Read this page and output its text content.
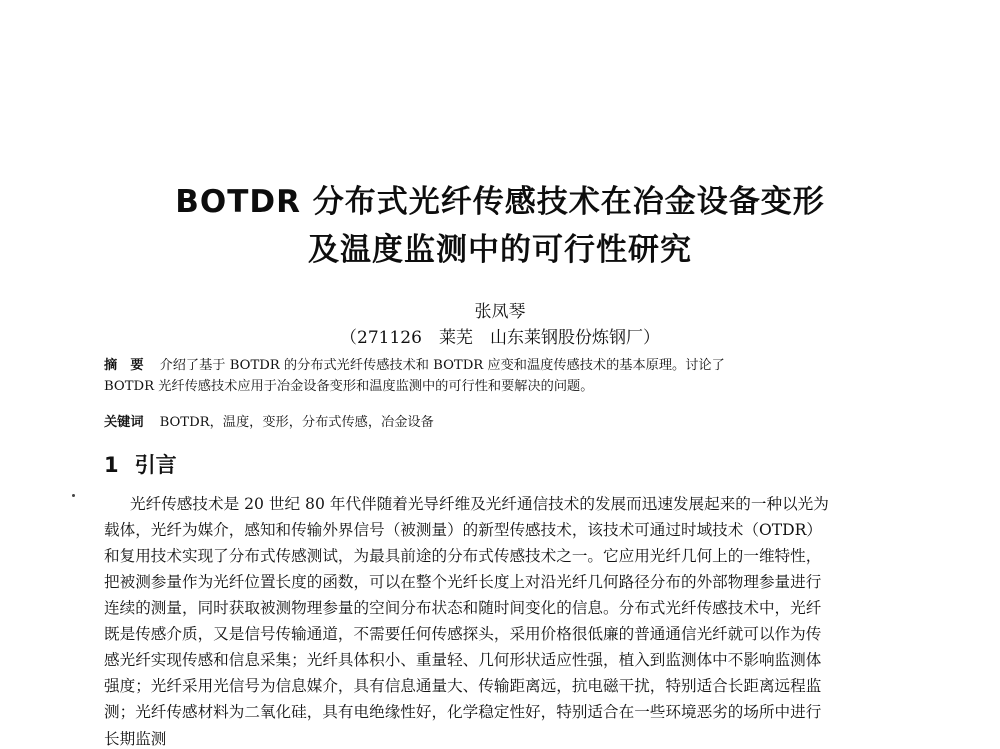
BOTDR 分布式光纤传感技术在冶金设备变形
及温度监测中的可行性研究
张凤琴
（271126　莱芜　山东莱钢股份炼钢厂）
摘　要 介绍了基于 BOTDR 的分布式光纤传感技术和 BOTDR 应变和温度传感技术的基本原理。讨论了
BOTDR 光纤传感技术应用于冶金设备变形和温度监测中的可行性和要解决的问题。
关键词 BOTDR，温度，变形，分布式传感，冶金设备
1 引言
光纤传感技术是 20 世纪 80 年代伴随着光导纤维及光纤通信技术的发展而迅速发展起来的一种以光为
载体，光纤为媒介，感知和传输外界信号（被测量）的新型传感技术，该技术可通过时域技术（OTDR）
和复用技术实现了分布式传感测试，为最具前途的分布式传感技术之一。它应用光纤几何上的一维特性，
把被测参量作为光纤位置长度的函数，可以在整个光纤长度上对沿光纤几何路径分布的外部物理参量进行
连续的测量，同时获取被测物理参量的空间分布状态和随时间变化的信息。分布式光纤传感技术中，光纤
既是传感介质，又是信号传输通道，不需要任何传感探头，采用价格很低廉的普通通信光纤就可以作为传
感光纤实现传感和信息采集；光纤具体积小、重量轻、几何形状适应性强，植入到监测体中不影响监测体
强度；光纤采用光信号为信息媒介，具有信息通量大、传输距离远，抗电磁干扰，特别适合长距离远程监
测；光纤传感材料为二氧化硅，具有电绝缘性好，化学稳定性好，特别适合在一些环境恶劣的场所中进行
长期监测
